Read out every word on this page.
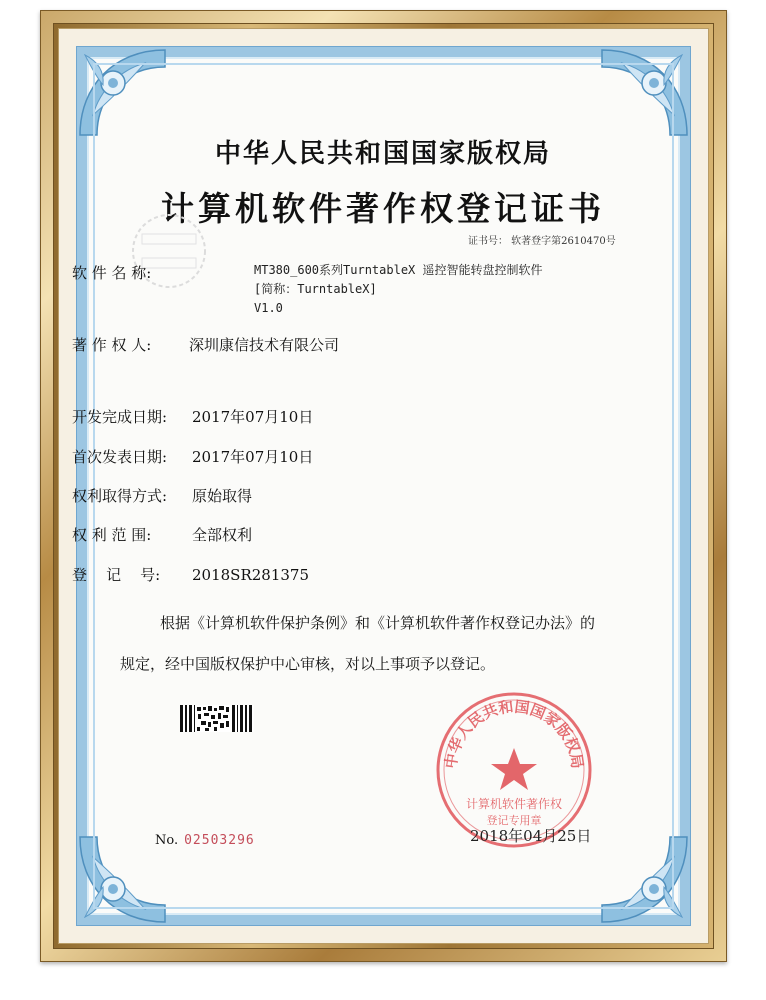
中华人民共和国国家版权局
计算机软件著作权登记证书
证书号： 软著登字第2610470号
软 件 名 称:	MT380_600系列TurntableX 遥控智能转盘控制软件
[简称：TurntableX]
V1.0
著 作 权 人:	深圳康信技术有限公司
开发完成日期: 2017年07月10日
首次发表日期: 2017年07月10日
权利取得方式: 原始取得
权 利 范 围:	全部权利
登    记    号: 2018SR281375
根据《计算机软件保护条例》和《计算机软件著作权登记办法》的
规定，经中国版权保护中心审核，对以上事项予以登记。
中华人民共和国国家版权局
计算机软件著作权
登记专用章
No. 02503296	2018年04月25日
